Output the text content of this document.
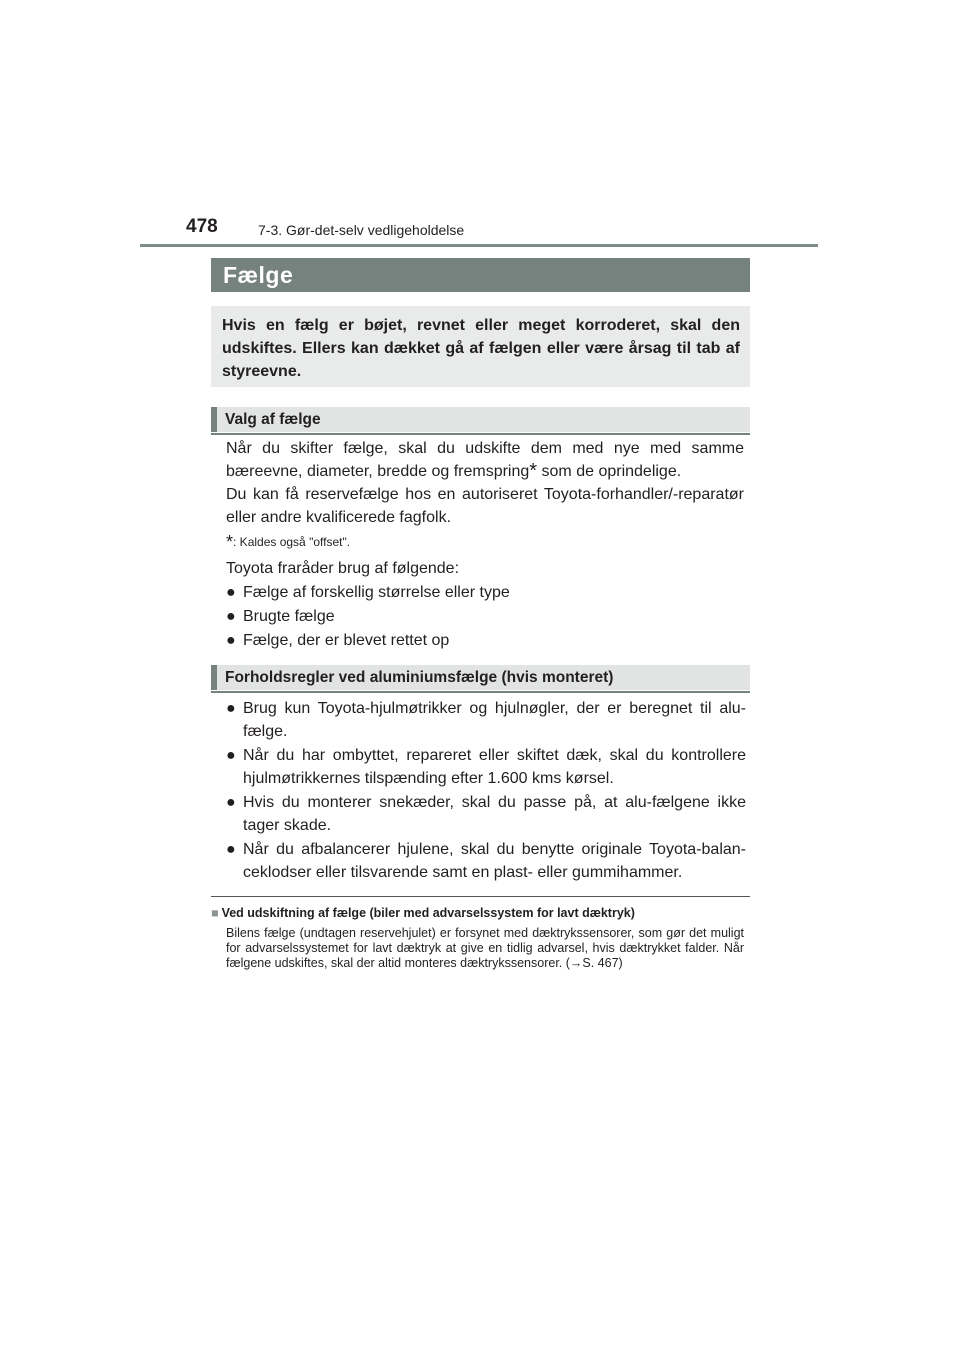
478	7-3. Gør-det-selv vedligeholdelse
Fælge
Hvis en fælg er bøjet, revnet eller meget korroderet, skal den udskiftes. Ellers kan dækket gå af fælgen eller være årsag til tab af styreevne.
Valg af fælge

Når du skifter fælge, skal du udskifte dem med nye med samme bæreevne, diameter, bredde og fremspring* som de oprindelige.

Du kan få reservefælge hos en autoriseret Toyota-forhandler/-reparatør eller andre kvalificerede fagfolk.

*: Kaldes også "offset".
Toyota fraråder brug af følgende:
● Fælge af forskellig størrelse eller type
● Brugte fælge
● Fælge, der er blevet rettet op
Forholdsregler ved aluminiumsfælge (hvis monteret)
● Brug kun Toyota-hjulmøtrikker og hjulnøgler, der er beregnet til alu-fælge.
● Når du har ombyttet, repareret eller skiftet dæk, skal du kontrollere hjulmøtrikkernes tilspænding efter 1.600 kms kørsel.
● Hvis du monterer snekæder, skal du passe på, at alu-fælgene ikke tager skade.
● Når du afbalancerer hjulene, skal du benytte originale Toyota-balan-ceklodser eller tilsvarende samt en plast- eller gummihammer.
■ Ved udskiftning af fælge (biler med advarselssystem for lavt dæktryk)
Bilens fælge (undtagen reservehjulet) er forsynet med dæktrykssensorer, som gør det muligt for advarselssystemet for lavt dæktryk at give en tidlig advarsel, hvis dæktrykket falder. Når fælgene udskiftes, skal der altid monteres dæktrykssensorer. (→S. 467)
